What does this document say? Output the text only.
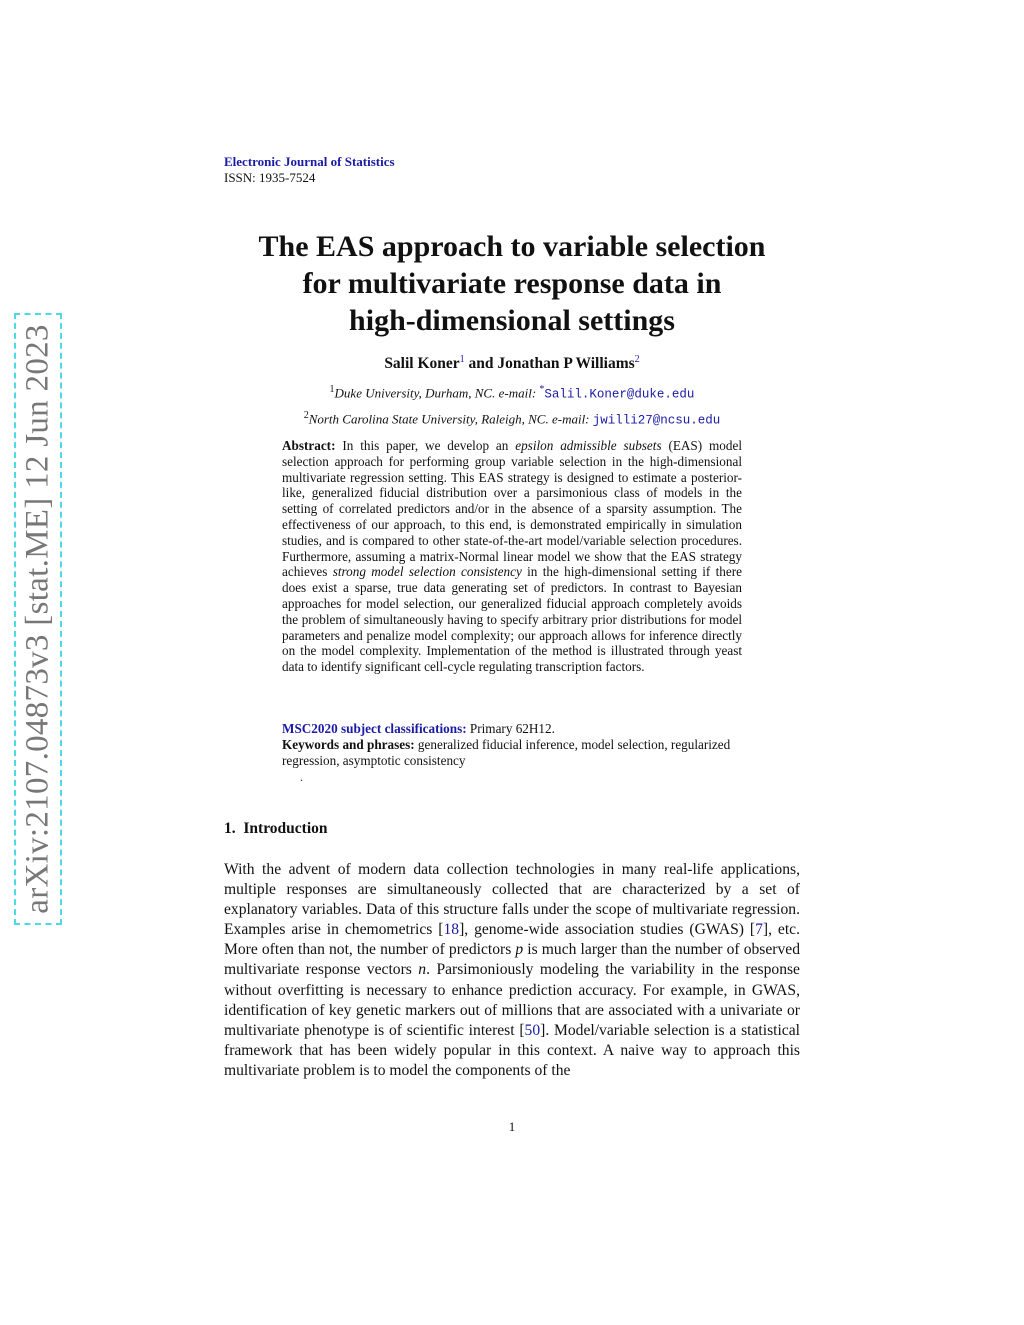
arXiv:2107.04873v3 [stat.ME] 12 Jun 2023
Electronic Journal of Statistics
ISSN: 1935-7524
The EAS approach to variable selection
for multivariate response data in
high-dimensional settings
Salil Koner$^1$ and Jonathan P Williams$^2$
$^1$Duke University, Durham, NC. e-mail: *Salil.Koner@duke.edu
$^2$North Carolina State University, Raleigh, NC. e-mail: jwilli27@ncsu.edu

Abstract: In this paper, we develop an epsilon admissible subsets (EAS) model selection approach for performing group variable selection in the high-dimensional multivariate regression setting. This EAS strategy is designed to estimate a posterior-like, generalized fiducial distribution over a parsimonious class of models in the setting of correlated predictors and/or in the absence of a sparsity assumption. The effectiveness of our approach, to this end, is demonstrated empirically in simulation studies, and is compared to other state-of-the-art model/variable selection procedures. Furthermore, assuming a matrix-Normal linear model we show that the EAS strategy achieves strong model selection consistency in the high-dimensional setting if there does exist a sparse, true data generating set of predictors. In contrast to Bayesian approaches for model selection, our generalized fiducial approach completely avoids the problem of simultaneously having to specify arbitrary prior distributions for model parameters and penalize model complexity; our approach allows for inference directly on the model complexity. Implementation of the method is illustrated through yeast data to identify significant cell-cycle regulating transcription factors.

MSC2020 subject classifications: Primary 62H12.
Keywords and phrases: generalized fiducial inference, model selection, regularized regression, asymptotic consistency
.
1. Introduction

With the advent of modern data collection technologies in many real-life applications, multiple responses are simultaneously collected that are characterized by a set of explanatory variables. Data of this structure falls under the scope of multivariate regression. Examples arise in chemometrics [18], genome-wide association studies (GWAS) [7], etc. More often than not, the number of predictors p is much larger than the number of observed multivariate response vectors n. Parsimoniously modeling the variability in the response without overfitting is necessary to enhance prediction accuracy. For example, in GWAS, identification of key genetic markers out of millions that are associated with a univariate or multivariate phenotype is of scientific interest [50]. Model/variable selection is a statistical framework that has been widely popular in this context. A naive way to approach this multivariate problem is to model the components of the

1
